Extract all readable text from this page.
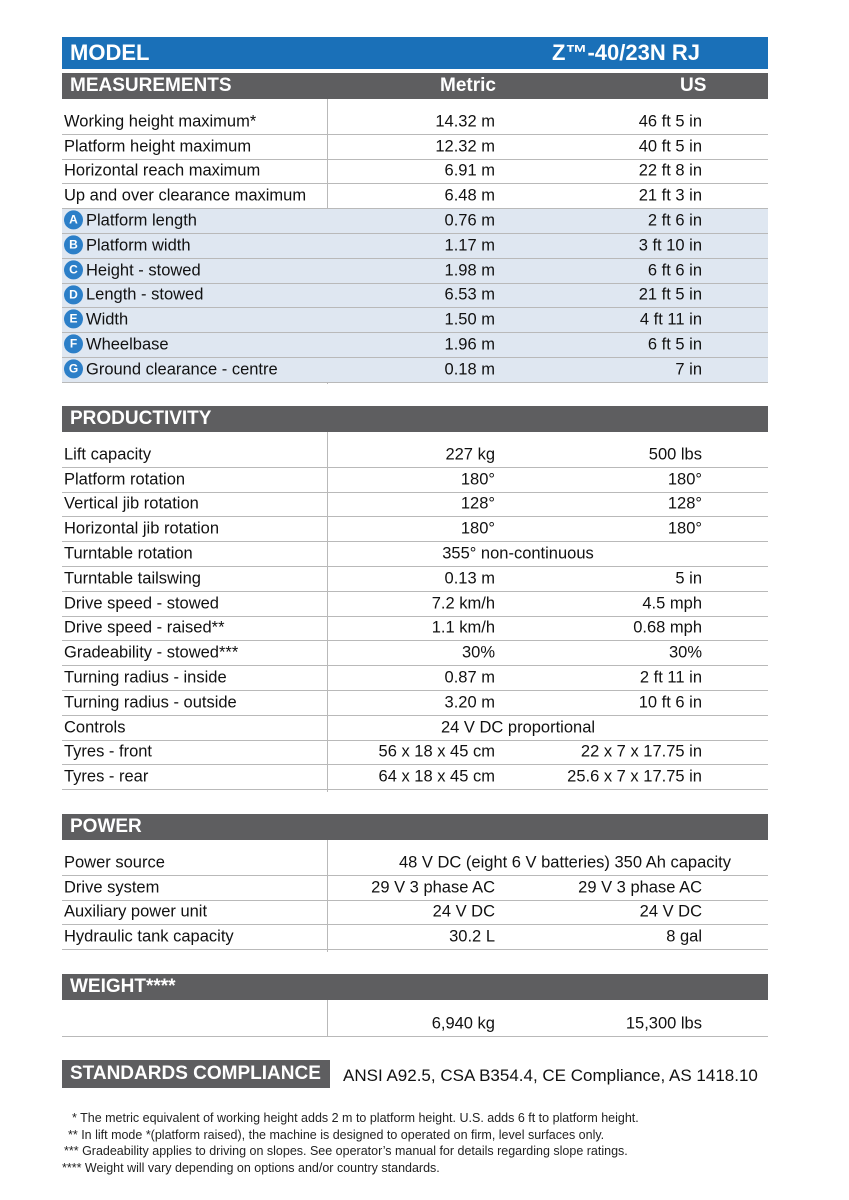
MODEL	Z™-40/23N RJ
MEASUREMENTS	Metric	US
Working height maximum*	14.32 m	46 ft 5 in
Platform height maximum	12.32 m	40 ft 5 in
Horizontal reach maximum	6.91 m	22 ft 8 in
Up and over clearance maximum	6.48 m	21 ft 3 in
A Platform length	0.76 m	2 ft 6 in
B Platform width	1.17 m	3 ft 10 in
C Height - stowed	1.98 m	6 ft 6 in
D Length - stowed	6.53 m	21 ft 5 in
E Width	1.50 m	4 ft 11 in
F Wheelbase	1.96 m	6 ft 5 in
G Ground clearance - centre	0.18 m	7 in
PRODUCTIVITY
Lift capacity	227 kg	500 lbs
Platform rotation	180°	180°
Vertical jib rotation	128°	128°
Horizontal jib rotation	180°	180°
Turntable rotation	355° non-continuous
Turntable tailswing	0.13 m	5 in
Drive speed - stowed	7.2 km/h	4.5 mph
Drive speed - raised**	1.1 km/h	0.68 mph
Gradeability - stowed***	30%	30%
Turning radius - inside	0.87 m	2 ft 11 in
Turning radius - outside	3.20 m	10 ft 6 in
Controls	24 V DC proportional
Tyres - front	56 x 18 x 45 cm	22 x 7 x 17.75 in
Tyres - rear	64 x 18 x 45 cm	25.6 x 7 x 17.75 in
POWER
Power source	48 V DC (eight 6 V batteries) 350 Ah capacity
Drive system	29 V 3 phase AC	29 V 3 phase AC
Auxiliary power unit	24 V DC	24 V DC
Hydraulic tank capacity	30.2 L	8 gal
WEIGHT****
6,940 kg	15,300 lbs
STANDARDS COMPLIANCE ANSI A92.5, CSA B354.4, CE Compliance, AS 1418.10
* The metric equivalent of working height adds 2 m to platform height. U.S. adds 6 ft to platform height.
** In lift mode *(platform raised), the machine is designed to operated on firm, level surfaces only.
*** Gradeability applies to driving on slopes. See operator’s manual for details regarding slope ratings.
**** Weight will vary depending on options and/or country standards.
